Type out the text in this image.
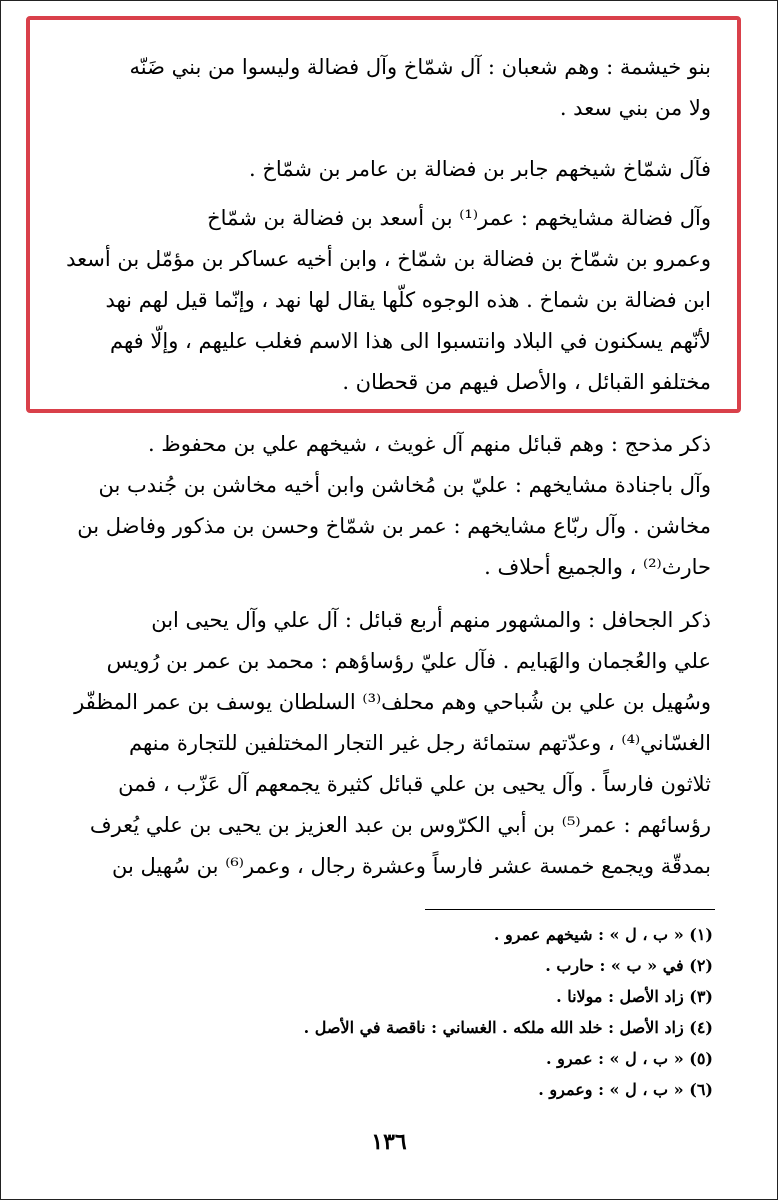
بنو خيشمة : وهم شعبان : آل شمّاخ وآل فضالة وليسوا من بني ضَنّه
ولا من بني سعد .
فآل شمّاخ شيخهم جابر بن فضالة بن عامر بن شمّاخ .
وآل فضالة مشايخهم : عمر⁽¹⁾ بن أسعد بن فضالة بن شمّاخ
وعمرو بن شمّاخ بن فضالة بن شمّاخ ، وابن أخيه عساكر بن مؤمّل بن أسعد
ابن فضالة بن شماخ . هذه الوجوه كلّها يقال لها نهد ، وإنّما قيل لهم نهد
لأنّهم يسكنون في البلاد وانتسبوا الى هذا الاسم فغلب عليهم ، وإلّا فهم
مختلفو القبائل ، والأصل فيهم من قحطان .
ذكر مذحج : وهم قبائل منهم آل غويث ، شيخهم علي بن محفوظ .
وآل باجنادة مشايخهم : عليّ بن مُخاشن وابن أخيه مخاشن بن جُندب بن
مخاشن . وآل ربّاع مشايخهم : عمر بن شمّاخ وحسن بن مذكور وفاضل بن
حارث⁽²⁾ ، والجميع أحلاف .
ذكر الجحافل : والمشهور منهم أربع قبائل : آل علي وآل يحيى ابن
علي والعُجمان والهَبايم . فآل عليّ رؤساؤهم : محمد بن عمر بن رُويس
وسُهيل بن علي بن شُباحي وهم محلف⁽³⁾ السلطان يوسف بن عمر المظفّر
الغسّاني⁽⁴⁾ ، وعدّتهم ستمائة رجل غير التجار المختلفين للتجارة منهم
ثلاثون فارساً . وآل يحيى بن علي قبائل كثيرة يجمعهم آل عَزّب ، فمن
رؤسائهم : عمر⁽⁵⁾ بن أبي الكرّوس بن عبد العزيز بن يحيى بن علي يُعرف
بمدقّة ويجمع خمسة عشر فارساً وعشرة رجال ، وعمر⁽⁶⁾ بن سُهيل بن
(١) « ب ، ل » : شيخهم عمرو .
(٢) في « ب » : حارب .
(٣) زاد الأصل : مولانا .
(٤) زاد الأصل : خلد الله ملكه . الغساني : ناقصة في الأصل .
(٥) « ب ، ل » : عمرو .
(٦) « ب ، ل » : وعمرو .
١٣٦
